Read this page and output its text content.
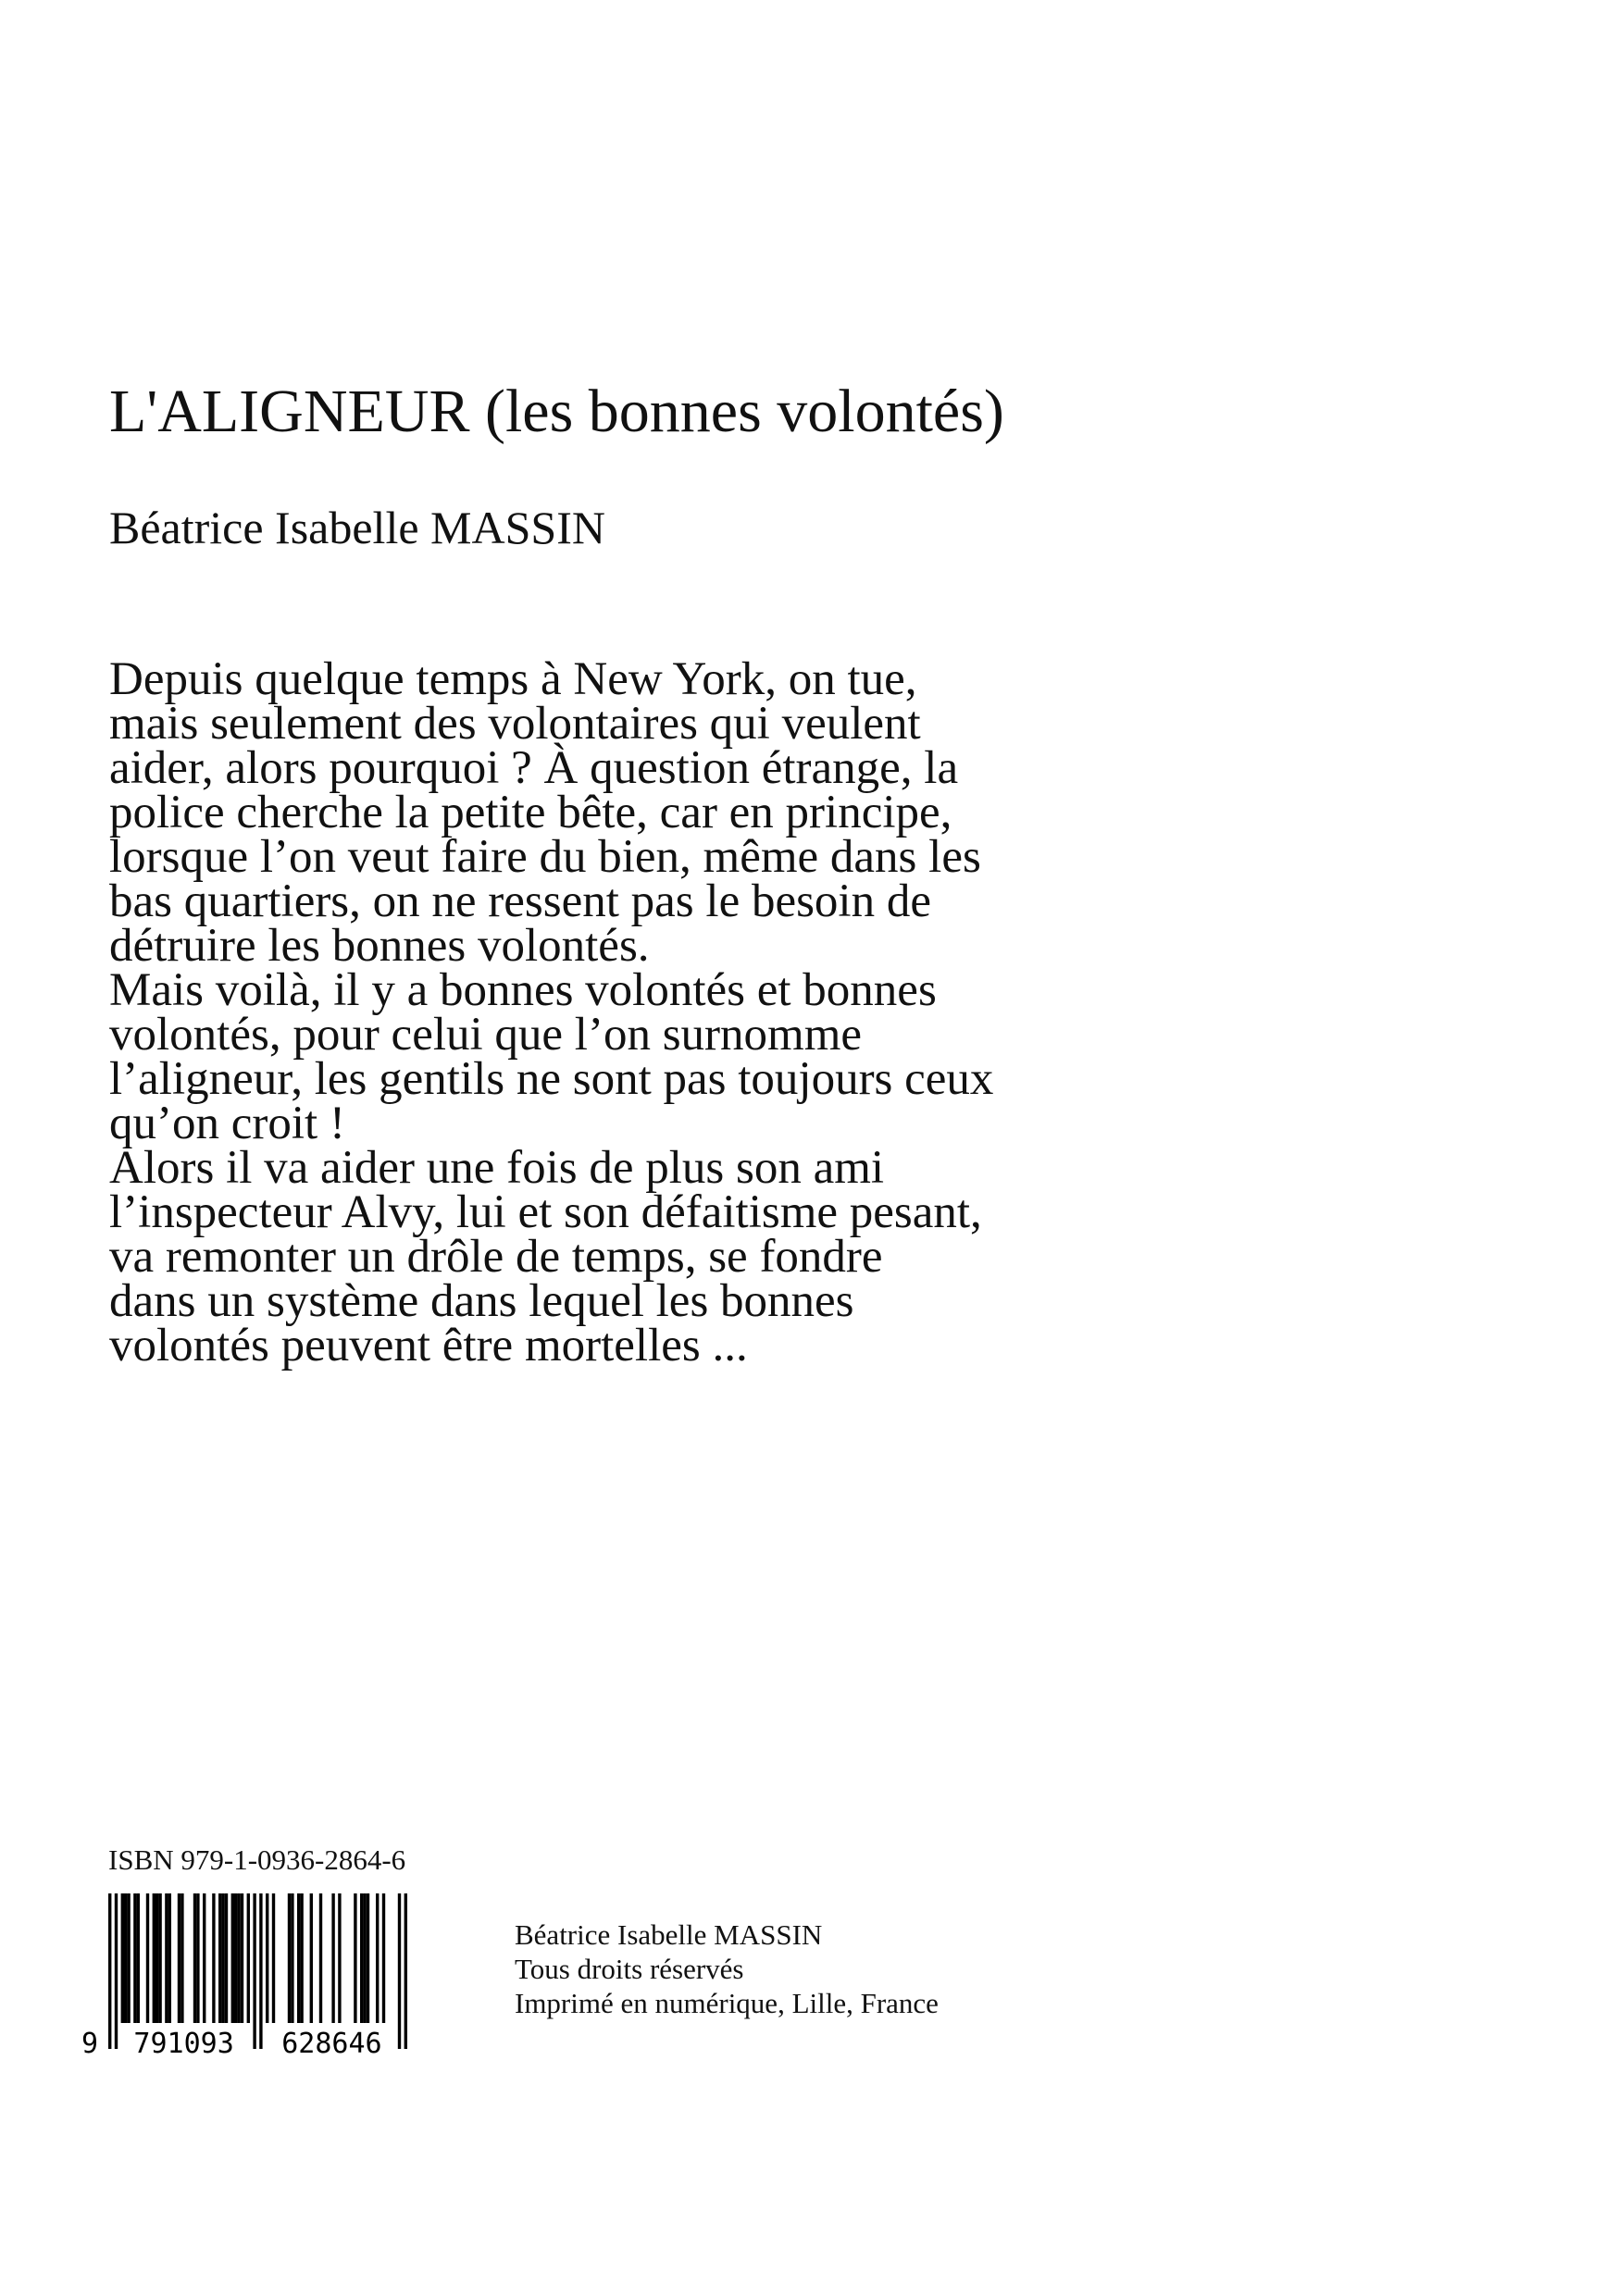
L'ALIGNEUR (les bonnes volontés)
Béatrice Isabelle MASSIN
Depuis quelque temps à New York, on tue,
mais seulement des volontaires qui veulent
aider, alors pourquoi ? À question étrange, la
police cherche la petite bête, car en principe,
lorsque l’on veut faire du bien, même dans les
bas quartiers, on ne ressent pas le besoin de
détruire les bonnes volontés.
Mais voilà, il y a bonnes volontés et bonnes
volontés, pour celui que l’on surnomme
l’aligneur, les gentils ne sont pas toujours ceux
qu’on croit !
Alors il va aider une fois de plus son ami
l’inspecteur Alvy, lui et son défaitisme pesant,
va remonter un drôle de temps, se fondre
dans un système dans lequel les bonnes
volontés peuvent être mortelles ...
ISBN 979-1-0936-2864-6
9 791093 628646
Béatrice Isabelle MASSIN
Tous droits réservés
Imprimé en numérique, Lille, France
